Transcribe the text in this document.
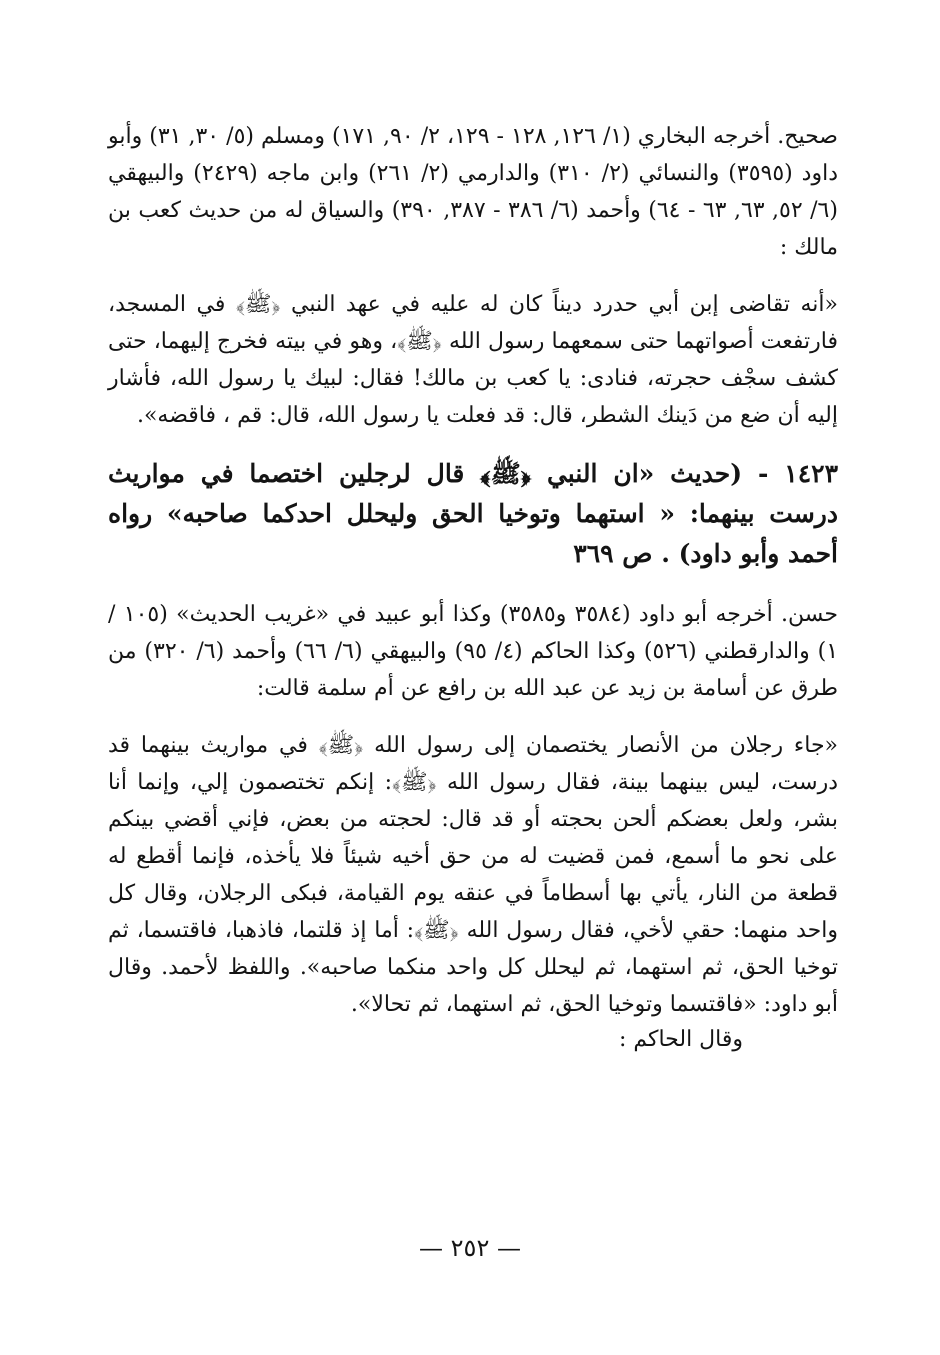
صحيح. أخرجه البخاري (١/ ١٢٦, ١٢٨ - ١٢٩، ٢/ ٩٠, ١٧١) ومسلم (٥/ ٣٠, ٣١) وأبو داود (٣٥٩٥) والنسائي (٢/ ٣١٠) والدارمي (٢/ ٢٦١) وابن ماجه (٢٤٢٩) والبيهقي (٦/ ٥٢, ٦٣, ٦٣ - ٦٤) وأحمد (٦/ ٣٨٦ - ٣٨٧, ٣٩٠) والسياق له من حديث كعب بن مالك :
«أنه تقاضى إبن أبي حدرد ديناً كان له عليه في عهد النبي ﴿ﷺ﴾ في المسجد، فارتفعت أصواتهما حتى سمعهما رسول الله ﴿ﷺ﴾، وهو في بيته فخرج إليهما، حتى كشف سجْف حجرته، فنادى: يا كعب بن مالك! فقال: لبيك يا رسول الله، فأشار إليه أن ضع من دَينك الشطر، قال: قد فعلت يا رسول الله، قال: قم ، فاقضه».
١٤٢٣ - (حديث «ان النبي ﴿ﷺ﴾ قال لرجلين اختصما في مواريث درست بينهما: « استهما وتوخيا الحق وليحلل احدكما صاحبه» رواه أحمد وأبو داود) . ص ٣٦٩
حسن. أخرجه أبو داود (٣٥٨٤ و٣٥٨٥) وكذا أبو عبيد في «غريب الحديث» (١٠٥ / ١) والدارقطني (٥٢٦) وكذا الحاكم (٤/ ٩٥) والبيهقي (٦/ ٦٦) وأحمد (٦/ ٣٢٠) من طرق عن أسامة بن زيد عن عبد الله بن رافع عن أم سلمة قالت:
«جاء رجلان من الأنصار يختصمان إلى رسول الله ﴿ﷺ﴾ في مواريث بينهما قد درست، ليس بينهما بينة، فقال رسول الله ﴿ﷺ﴾: إنكم تختصمون إلي، وإنما أنا بشر، ولعل بعضكم ألحن بحجته أو قد قال: لحجته من بعض، فإني أقضي بينكم على نحو ما أسمع، فمن قضيت له من حق أخيه شيئاً فلا يأخذه، فإنما أقطع له قطعة من النار، يأتي بها أسطاماً في عنقه يوم القيامة، فبكى الرجلان، وقال كل واحد منهما: حقي لأخي، فقال رسول الله ﴿ﷺ﴾: أما إذ قلتما، فاذهبا، فاقتسما، ثم توخيا الحق، ثم استهما، ثم ليحلل كل واحد منكما صاحبه». واللفظ لأحمد. وقال أبو داود: «فاقتسما وتوخيا الحق، ثم استهما، ثم تحالا».
وقال الحاكم :
— ٢٥٢ —
